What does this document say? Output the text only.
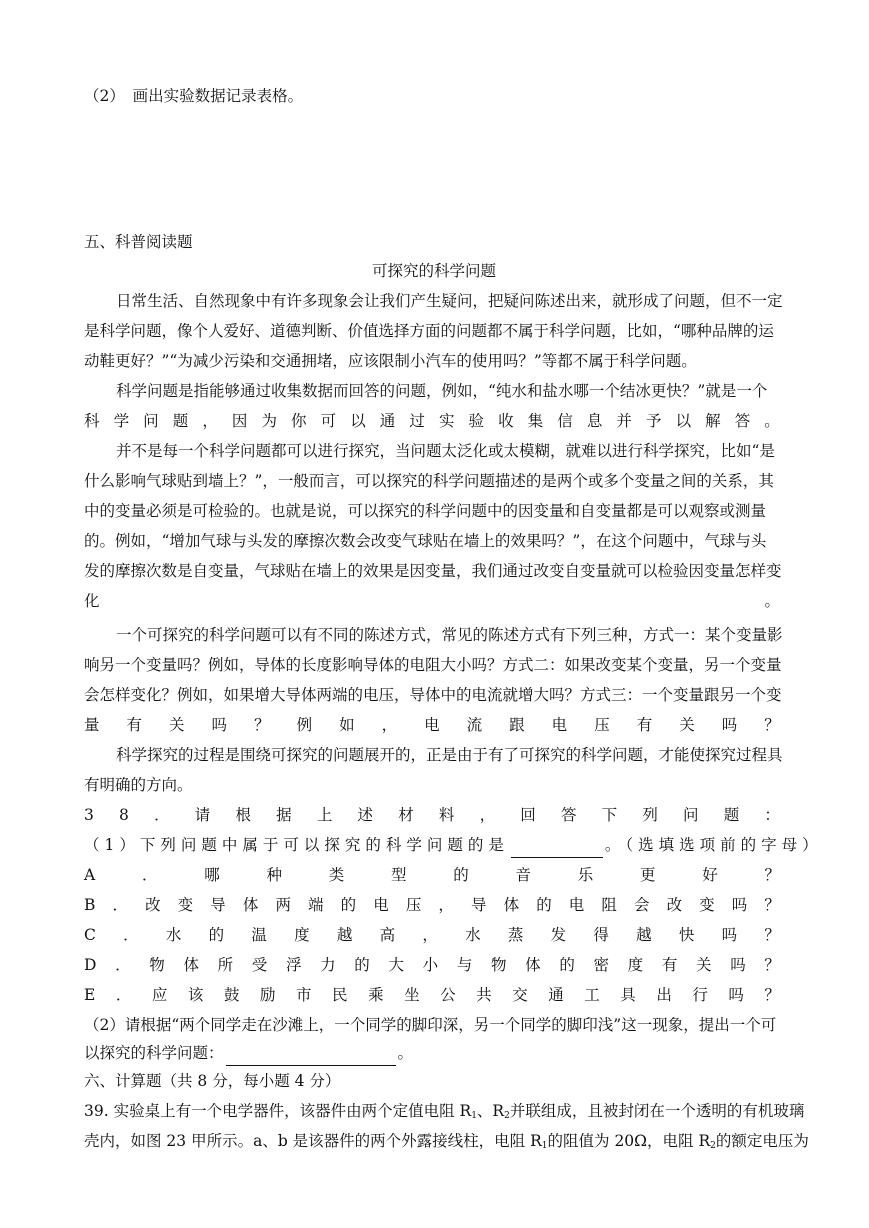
（2）　画出实验数据记录表格。
五、科普阅读题
可探究的科学问题
日常生活、自然现象中有许多现象会让我们产生疑问，把疑问陈述出来，就形成了问题，但不一定
是科学问题，像个人爱好、道德判断、价值选择方面的问题都不属于科学问题，比如，“哪种品牌的运
动鞋更好？”“为减少污染和交通拥堵，应该限制小汽车的使用吗？”等都不属于科学问题。
科学问题是指能够通过收集数据而回答的问题，例如，“纯水和盐水哪一个结冰更快？”就是一个
科 学 问 题 ， 因 为 你 可 以 通 过 实 验 收 集 信 息 并 予 以 解 答 。
并不是每一个科学问题都可以进行探究，当问题太泛化或太模糊，就难以进行科学探究，比如“是
什么影响气球贴到墙上？”，一般而言，可以探究的科学问题描述的是两个或多个变量之间的关系，其
中的变量必须是可检验的。也就是说，可以探究的科学问题中的因变量和自变量都是可以观察或测量
的。例如，“增加气球与头发的摩擦次数会改变气球贴在墙上的效果吗？”，在这个问题中，气球与头
发的摩擦次数是自变量，气球贴在墙上的效果是因变量，我们通过改变自变量就可以检验因变量怎样变
化	。
一个可探究的科学问题可以有不同的陈述方式，常见的陈述方式有下列三种，方式一：某个变量影
响另一个变量吗？例如，导体的长度影响导体的电阻大小吗？方式二：如果改变某个变量，另一个变量
会怎样变化？例如，如果增大导体两端的电压，导体中的电流就增大吗？方式三：一个变量跟另一个变
量 有 关 吗 ？ 例 如 ， 电 流 跟 电 压 有 关 吗 ？
科学探究的过程是围绕可探究的问题展开的，正是由于有了可探究的科学问题，才能使探究过程具
有明确的方向。
3 8 ． 请 根 据 上 述 材 料 ， 回 答 下 列 问 题 ：
（1）下列问题中属于可以探究的科学问题的是	。（选填选项前的字母）
A	．	哪	种	类	型	的	音	乐	更	好	？
B ． 改 变 导 体 两 端 的 电 压 ， 导 体 的 电 阻 会 改 变 吗 ？
C ． 水 的 温 度 越 高 ， 水 蒸 发 得 越 快 吗 ？
D ． 物 体 所 受 浮 力 的 大 小 与 物 体 的 密 度 有 关 吗 ？
E ． 应 该 鼓 励 市 民 乘 坐 公 共 交 通 工 具 出 行 吗 ？
（2）请根据“两个同学走在沙滩上，一个同学的脚印深，另一个同学的脚印浅”这一现象，提出一个可
以探究的科学问题：	。
六、计算题（共 8 分，每小题 4 分）
39. 实验桌上有一个电学器件，该器件由两个定值电阻 $R_1$、$R_2$并联组成，且被封闭在一个透明的有机玻璃
壳内，如图 23 甲所示。a、b 是该器件的两个外露接线柱，电阻 $R_1$的阻值为 20Ω，电阻 $R_2$的额定电压为
